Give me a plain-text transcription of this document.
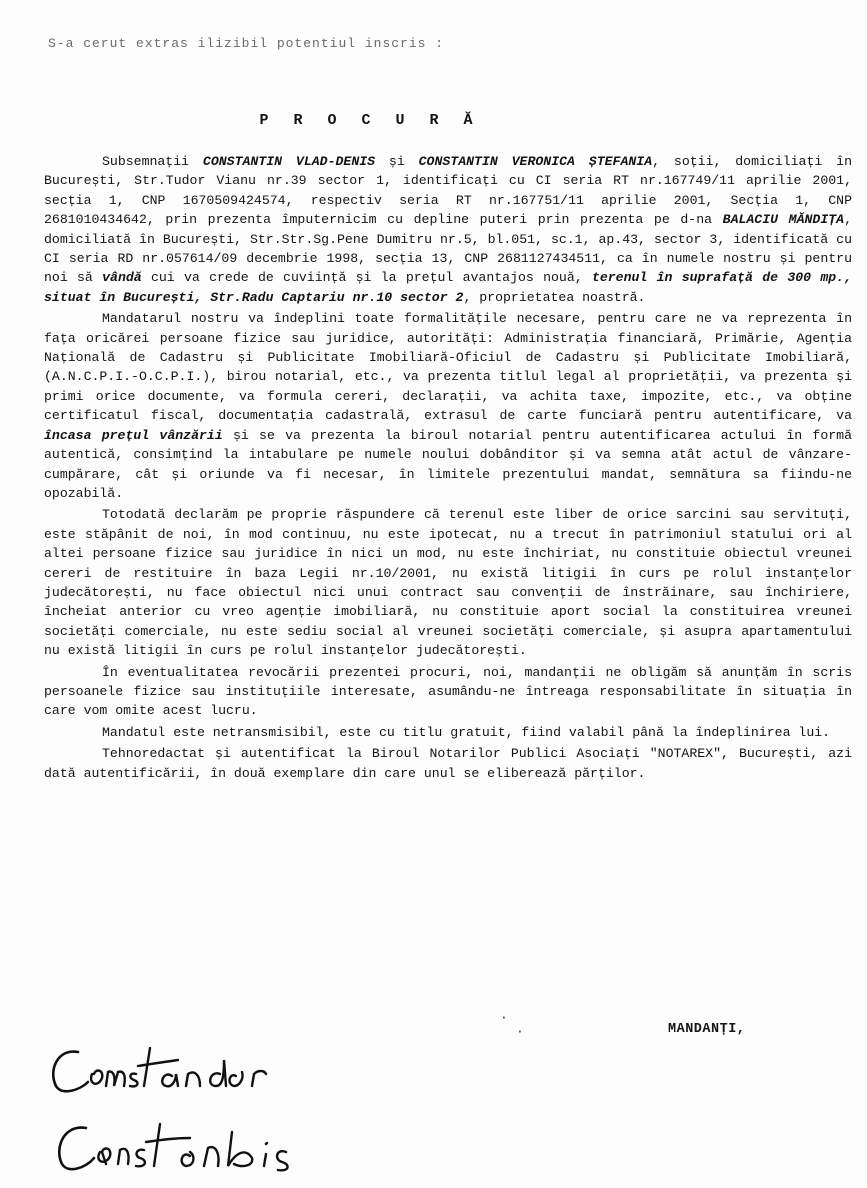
S-a cerut extras ilizibil potentiul inscris :
P R O C U R Ă

Subsemnații CONSTANTIN VLAD-DENIS și CONSTANTIN VERONICA ȘTEFANIA, soții, domiciliați în București, Str.Tudor Vianu nr.39 sector 1, identificați cu CI seria RT nr.167749/11 aprilie 2001, secția 1, CNP 1670509424574, respectiv seria RT nr.167751/11 aprilie 2001, Secția 1, CNP 2681010434642, prin prezenta împuternicim cu depline puteri prin prezenta pe d-na BALACIU MĂNDIȚA, domiciliată în București, Str.Str.Sg.Pene Dumitru nr.5, bl.051, sc.1, ap.43, sector 3, identificată cu CI seria RD nr.057614/09 decembrie 1998, secția 13, CNP 2681127434511, ca în numele nostru și pentru noi să vândă cui va crede de cuviință și la prețul avantajos nouă, terenul în suprafață de 300 mp., situat în București, Str.Radu Captariu nr.10 sector 2, proprietatea noastră.

Mandatarul nostru va îndeplini toate formalitățile necesare, pentru care ne va reprezenta în fața oricărei persoane fizice sau juridice, autorități: Administrația financiară, Primărie, Agenția Națională de Cadastru și Publicitate Imobiliară-Oficiul de Cadastru și Publicitate Imobiliară, (A.N.C.P.I.-O.C.P.I.), birou notarial, etc., va prezenta titlul legal al proprietății, va prezenta și primi orice documente, va formula cereri, declarații, va achita taxe, impozite, etc., va obține certificatul fiscal, documentația cadastrală, extrasul de carte funciară pentru autentificare, va încasa prețul vânzării și se va prezenta la biroul notarial pentru autentificarea actului în formă autentică, consimțind la intabulare pe numele noului dobânditor și va semna atât actul de vânzare-cumpărare, cât și oriunde va fi necesar, în limitele prezentului mandat, semnătura sa fiindu-ne opozabilă.

Totodată declarăm pe proprie răspundere că terenul este liber de orice sarcini sau servituți, este stăpânit de noi, în mod continuu, nu este ipotecat, nu a trecut în patrimoniul statului ori al altei persoane fizice sau juridice în nici un mod, nu este închiriat, nu constituie obiectul vreunei cereri de restituire în baza Legii nr.10/2001, nu există litigii în curs pe rolul instanțelor judecătorești, nu face obiectul nici unui contract sau convenții de înstrăinare, sau închiriere, încheiat anterior cu vreo agenție imobiliară, nu constituie aport social la constituirea vreunei societăți comerciale, nu este sediu social al vreunei societăți comerciale, și asupra apartamentului nu există litigii în curs pe rolul instanțelor judecătorești.

În eventualitatea revocării prezentei procuri, noi, mandanții ne obligăm să anunțăm în scris persoanele fizice sau instituțiile interesate, asumându-ne întreaga responsabilitate în situația în care vom omite acest lucru.

Mandatul este netransmisibil, este cu titlu gratuit, fiind valabil până la îndeplinirea lui.

Tehnoredactat și autentificat la Biroul Notarilor Publici Asociați "NOTAREX", București, azi dată autentificării, în două exemplare din care unul se eliberează părților.

·
·	MANDANȚI,
